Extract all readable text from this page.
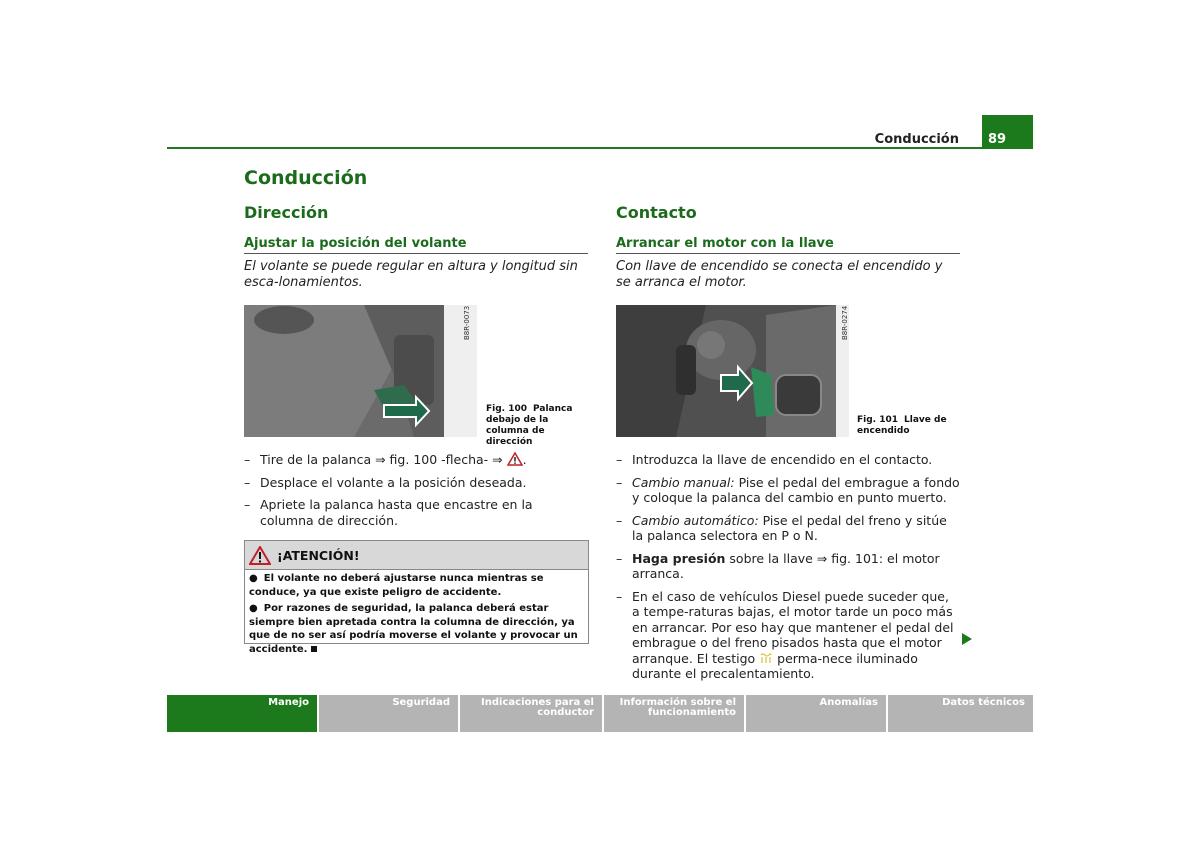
Conducción 89
Conducción
Dirección
Ajustar la posición del volante
El volante se puede regular en altura y longitud sin esca-lonamientos.
B8R-0073
Fig. 100 Palanca debajo de la columna de dirección
– Tire de la palanca ⇒ fig. 100 -flecha- ⇒ .
– Desplace el volante a la posición deseada.
– Apriete la palanca hasta que encastre en la columna de dirección.
¡ATENCIÓN!
● El volante no deberá ajustarse nunca mientras se conduce, ya que existe peligro de accidente.
● Por razones de seguridad, la palanca deberá estar siempre bien apretada contra la columna de dirección, ya que de no ser así podría moverse el volante y provocar un accidente.
Contacto
Arrancar el motor con la llave
Con llave de encendido se conecta el encendido y se arranca el motor.
B8R-0274
Fig. 101 Llave de encendido
– Introduzca la llave de encendido en el contacto.
– Cambio manual: Pise el pedal del embrague a fondo y coloque la palanca del cambio en punto muerto.
– Cambio automático: Pise el pedal del freno y sitúe la palanca selectora en P o N.
– Haga presión sobre la llave ⇒ fig. 101: el motor arranca.
– En el caso de vehículos Diesel puede suceder que, a tempe-raturas bajas, el motor tarde un poco más en arrancar. Por eso hay que mantener el pedal del embrague o del freno pisados hasta que el motor arranque. El testigo  perma-nece iluminado durante el precalentamiento.
Manejo	Seguridad	Indicaciones para el conductor
Información sobre el funcionamiento
Anomalías	Datos técnicos
